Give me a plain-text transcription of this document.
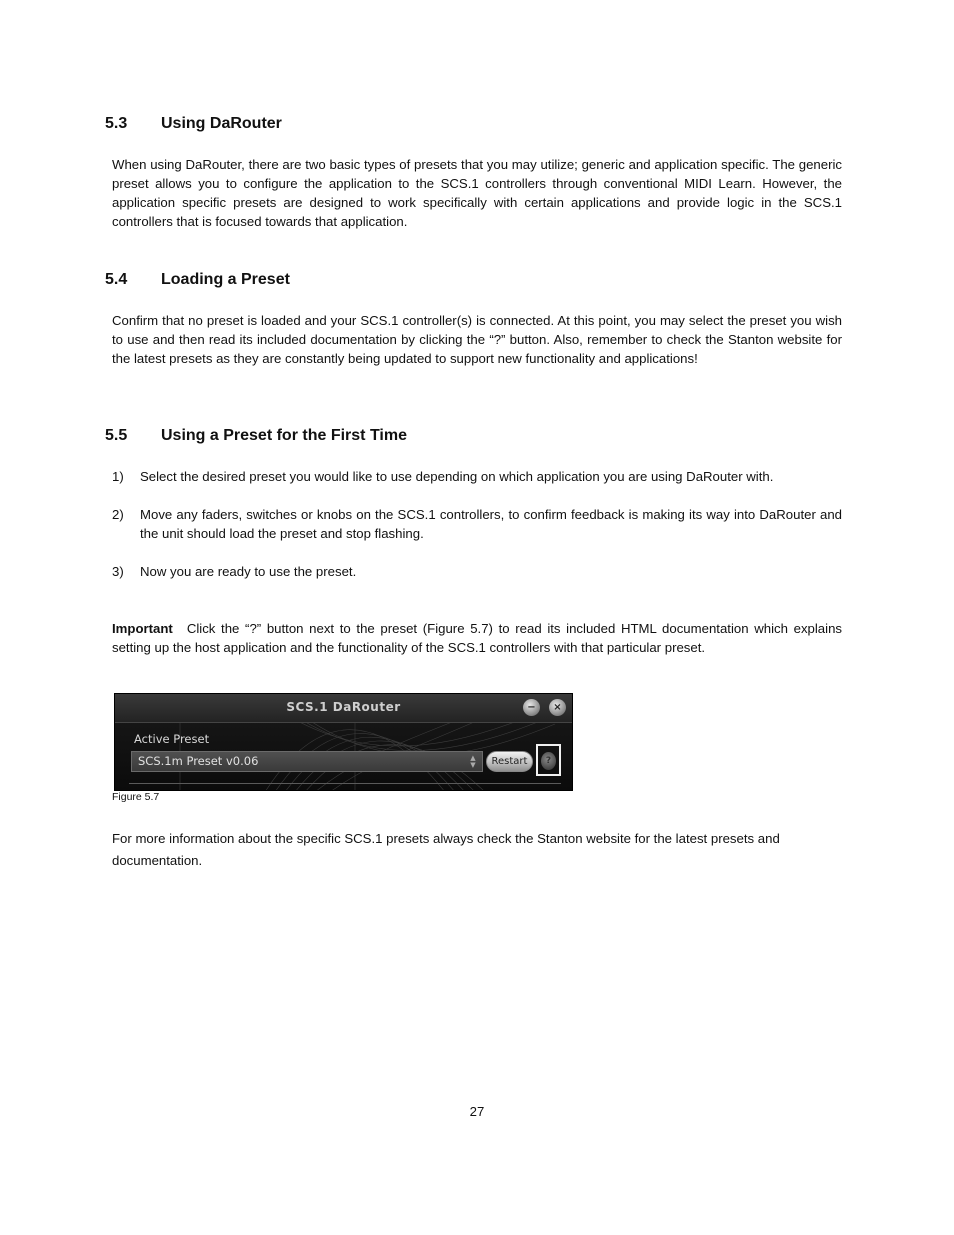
5.3 Using DaRouter

When using DaRouter, there are two basic types of presets that you may utilize; generic and application specific. The generic preset allows you to configure the application to the SCS.1 controllers through conventional MIDI Learn. However, the application specific presets are designed to work specifically with certain applications and provide logic in the SCS.1 controllers that is focused towards that application.

5.4 Loading a Preset

Confirm that no preset is loaded and your SCS.1 controller(s) is connected. At this point, you may select the preset you wish to use and then read its included documentation by clicking the “?” button. Also, remember to check the Stanton website for the latest presets as they are constantly being updated to support new functionality and applications!

5.5 Using a Preset for the First Time
1) Select the desired preset you would like to use depending on which application you are using DaRouter with.
2) Move any faders, switches or knobs on the SCS.1 controllers, to confirm feedback is making its way into DaRouter and the unit should load the preset and stop flashing.
3) Now you are ready to use the preset.

Important Click the “?” button next to the preset (Figure 5.7) to read its included HTML documentation which explains setting up the host application and the functionality of the SCS.1 controllers with that particular preset.

SCS.1 DaRouter	− ×
Active Preset
SCS.1m Preset v0.06	▲
▼	Restart	?
Figure 5.7

For more information about the specific SCS.1 presets always check the Stanton website for the latest presets and documentation.

27
